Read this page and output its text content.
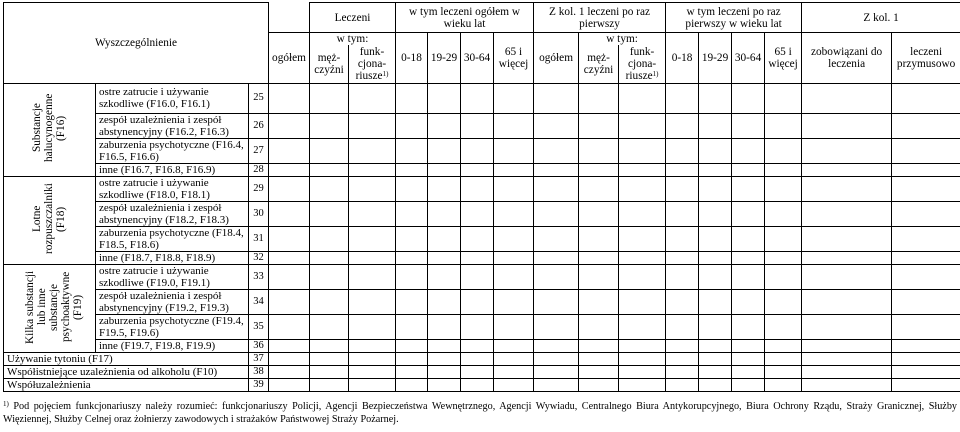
Wyszczególnienie				Leczeni		w tym leczeni ogółem w wieku lat				Z kol. 1 leczeni po raz pierwszy			w tym leczeni po raz pierwszy w wieku lat				Z kol. 1	
			ogółem	w tym:		0-18	19-29	30-64	65 i więcej	ogółem	w tym:		0-18	19-29	30-64	65 i więcej	zobowiązani do leczenia	leczeni przymusowo
				męż-czyźni	funk-cjona-riusze$^{1)}$						męż-czyźni	funk-cjona-riusze$^{1)}$
Substancje halucynogenne (F16)	ostre zatrucie i używanie szkodliwe (F16.0, F16.1)	25																
	zespół uzależnienia i zespół abstynencyjny (F16.2, F16.3)	26																
	zaburzenia psychotyczne (F16.4, F16.5, F16.6)	27																
	inne (F16.7, F16.8, F16.9)	28																
Lotne rozpuszczalniki (F18)	ostre zatrucie i używanie szkodliwe (F18.0, F18.1)	29																
	zespół uzależnienia i zespół abstynencyjny (F18.2, F18.3)	30																
	zaburzenia psychotyczne (F18.4, F18.5, F18.6)	31																
	inne (F18.7, F18.8, F18.9)	32																
Kilka substancji lub inne substancje psychoaktywne (F19)	ostre zatrucie i używanie szkodliwe (F19.0, F19.1)	33																
	zespół uzależnienia i zespół abstynencyjny (F19.2, F19.3)	34																
	zaburzenia psychotyczne (F19.4, F19.5, F19.6)	35																
	inne (F19.7, F19.8, F19.9)	36																
Używanie tytoniu (F17)		37																
Współistniejące uzależnienia od alkoholu (F10)		38																
Współuzależnienia		39																
$^{1)}$ Pod pojęciem funkcjonariuszy należy rozumieć: funkcjonariuszy Policji, Agencji Bezpieczeństwa Wewnętrznego, Agencji Wywiadu, Centralnego Biura Antykorupcyjnego, Biura Ochrony Rządu, Straży Granicznej, Służby Więziennej, Służby Celnej oraz żołnierzy zawodowych i strażaków Państwowej Straży Pożarnej.
